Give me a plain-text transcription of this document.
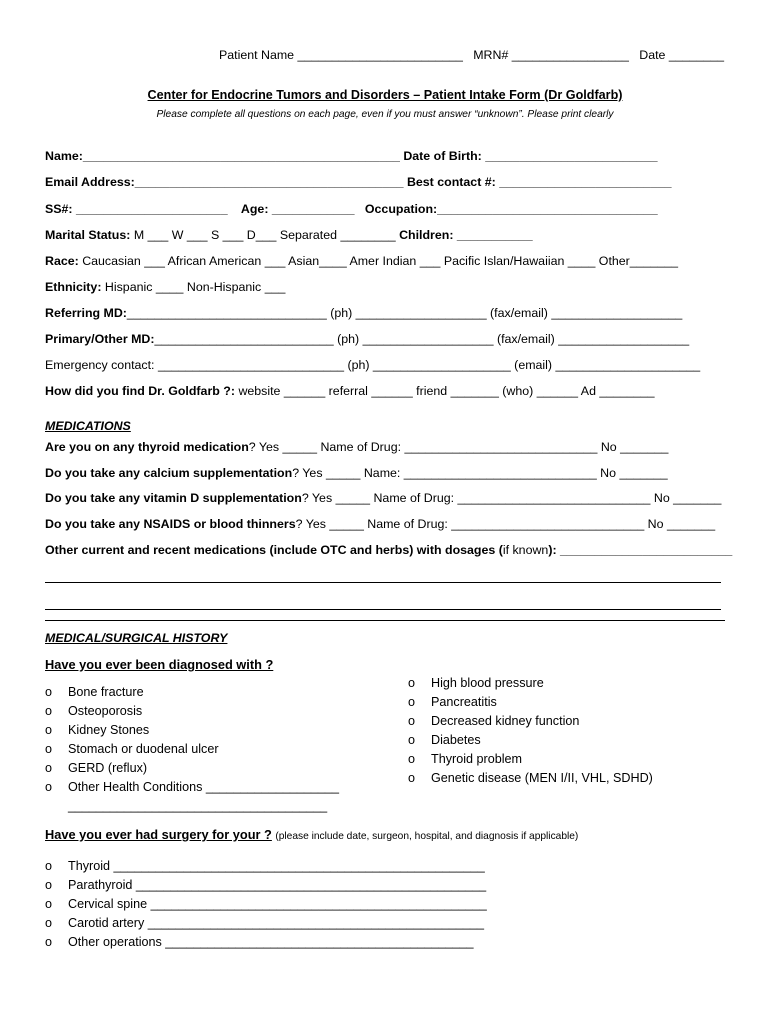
Patient Name ________________________ MRN# _________________ Date ________
Center for Endocrine Tumors and Disorders – Patient Intake Form (Dr Goldfarb)
Please complete all questions on each page, even if you must answer “unknown”. Please print clearly
Name:______________________________________________ Date of Birth: _________________________
Email Address:_______________________________________ Best contact #: _________________________
SS#: ______________________ Age: ____________ Occupation:________________________________
Marital Status: M ___ W ___ S ___ D___ Separated ________ Children: ___________
Race: Caucasian ___ African American ___ Asian____ Amer Indian ___ Pacific Islan/Hawaiian ____ Other_______
Ethnicity: Hispanic ____ Non-Hispanic ___
Referring MD:_____________________________ (ph) ___________________ (fax/email) ___________________
Primary/Other MD:__________________________ (ph) ___________________ (fax/email) ___________________
Emergency contact: ___________________________ (ph) ____________________ (email) _____________________
How did you find Dr. Goldfarb ?: website ______ referral ______ friend _______ (who) ______ Ad ________
MEDICATIONS
Are you on any thyroid medication? Yes _____ Name of Drug: ____________________________ No _______
Do you take any calcium supplementation? Yes _____ Name: ____________________________ No _______
Do you take any vitamin D supplementation? Yes _____ Name of Drug: ____________________________ No _______
Do you take any NSAIDS or blood thinners? Yes _____ Name of Drug: ____________________________ No _______
Other current and recent medications (include OTC and herbs) with dosages (if known): _________________________
MEDICAL/SURGICAL HISTORY
Have you ever been diagnosed with ?
o Bone fracture
o Osteoporosis
o Kidney Stones
o Stomach or duodenal ulcer
o GERD (reflux)
o Other Health Conditions ___________________
_____________________________________
o High blood pressure
o Pancreatitis
o Decreased kidney function
o Diabetes
o Thyroid problem
o Genetic disease (MEN I/II, VHL, SDHD)
Have you ever had surgery for your ? (please include date, surgeon, hospital, and diagnosis if applicable)
o Thyroid _____________________________________________________
o Parathyroid __________________________________________________
o Cervical spine ________________________________________________
o Carotid artery ________________________________________________
o Other operations ____________________________________________
